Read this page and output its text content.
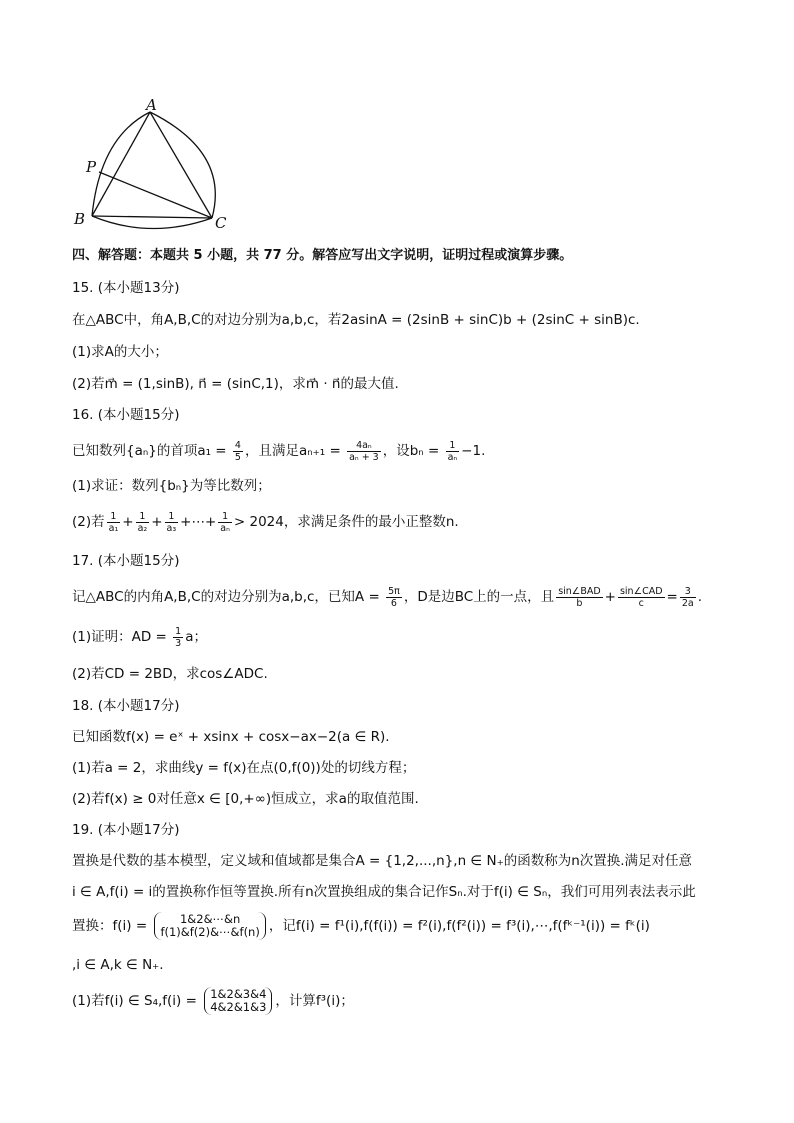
A
P
B	C
四、解答题：本题共 5 小题，共 77 分。解答应写出文字说明，证明过程或演算步骤。
15. (本小题13分)
在△ABC中，角A,B,C的对边分别为a,b,c，若2asinA = (2sinB + sinC)b + (2sinC + sinB)c.
(1)求A的大小；
(2)若m⃗ = (1,sinB), n⃗ = (sinC,1)，求m⃗ · n⃗的最大值.
16. (本小题15分)
已知数列{aₙ}的首项$a_1 = \frac{4}{5}$ ，且满足$a_{n+1} = \frac{\text{4aₙ}}{\text{aₙ + 3}}$ ，设$b_n = \frac{1}{\text{aₙ}} -1$.
(1)求证：数列{bₙ}为等比数列；
(2)若 $\frac{1}{\text{a₁}} + \frac{1}{\text{a₂}} + \frac{1}{\text{a₃}}$ +⋯+ $\frac{1}{\text{aₙ}} > 2024$，求满足条件的最小正整数n.
17. (本小题15分)
记△ABC的内角A,B,C的对边分别为a,b,c，已知$A = \frac{5\pi}{6}$ ，D是边BC上的一点，且 $\frac{\text{sin∠BAD}}{b} + \frac{\text{sin∠CAD}}{c} = \frac{3}{2a}$ .
(1)证明：AD = $\frac{1}{3}$ a；
(2)若CD = 2BD，求cos∠ADC.
18. (本小题17分)
已知函数f(x) = eˣ + xsinx + cosx−ax−2(a ∈ R).
(1)若a = 2，求曲线y = f(x)在点(0,f(0))处的切线方程；
(2)若f(x) ≥ 0对任意x ∈ [0,+∞)恒成立，求a的取值范围.
19. (本小题17分)
置换是代数的基本模型，定义域和值域都是集合A = {1,2,...,n},n ∈ N₊的函数称为n次置换.满足对任意
i ∈ A,f(i) = i的置换称作恒等置换.所有n次置换组成的集合记作Sₙ.对于f(i) ∈ Sₙ，我们可用列表法表示此
置换：f(i) =	1&2&⋯&n
f(1)&f(2)&⋯&f(n) ，记f(i) = f¹(i),f(f(i)) = f²(i),f(f²(i)) = f³(i),⋯,f(fᵏ⁻¹(i)) = fᵏ(i)
,i ∈ A,k ∈ N₊.
(1)若f(i) ∈ S₄,f(i) = 1&2&3&4
4&2&1&3 ，计算f³(i)；
